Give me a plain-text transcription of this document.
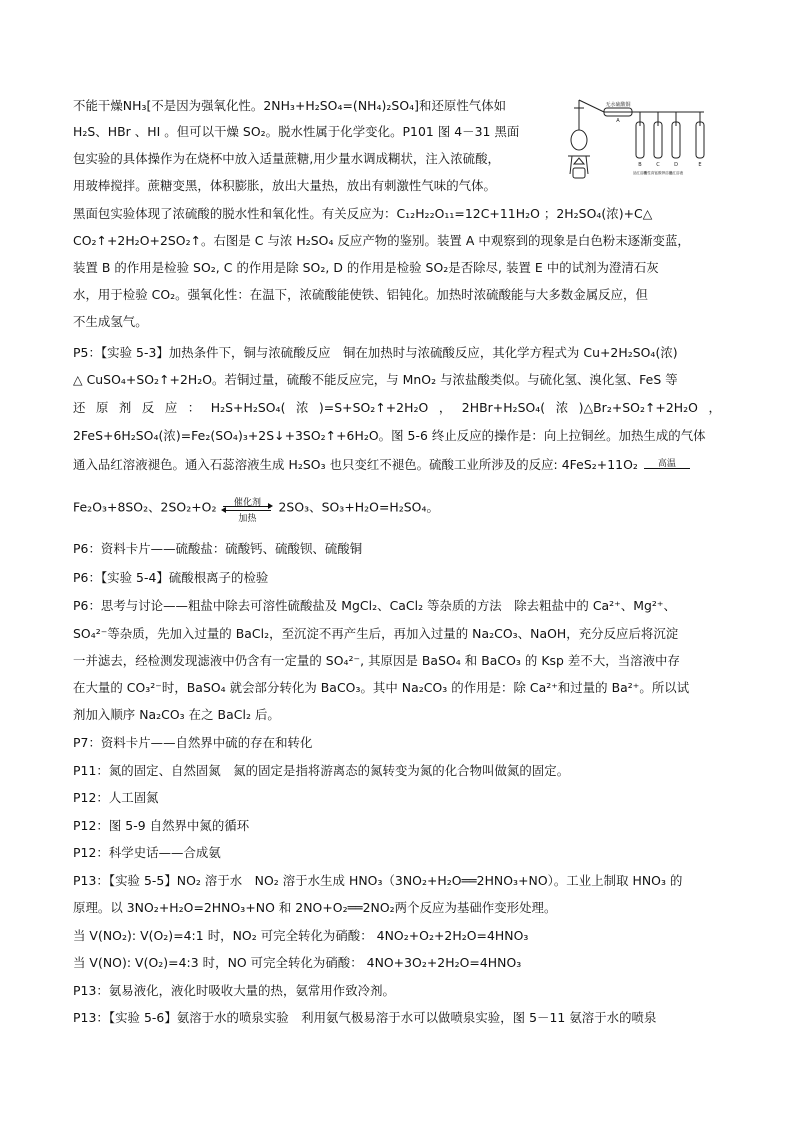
不能干燥NH₃[不是因为强氧化性。2NH₃+H₂SO₄=(NH₄)₂SO₄]和还原性气体如
H₂S、HBr 、HI 。但可以干燥 SO₂。脱水性属于化学变化。P101 图 4－31 黑面
包实验的具体操作为在烧杯中放入适量蔗糖,用少量水调成糊状，注入浓硫酸，
用玻棒搅拌。蔗糖变黑，体积膨胀，放出大量热，放出有刺激性气味的气体。
黑面包实验体现了浓硫酸的脱水性和氧化性。有关反应为：C₁₂H₂₂O₁₁=12C+11H₂O ；2H₂SO₄(浓)+C△
CO₂↑+2H₂O+2SO₂↑。右图是 C 与浓 H₂SO₄ 反应产物的鉴别。装置 A 中观察到的现象是白色粉末逐渐变蓝，
装置 B 的作用是检验 SO₂, C 的作用是除 SO₂, D 的作用是检验 SO₂是否除尽, 装置 E 中的试剂为澄清石灰
水，用于检验 CO₂。强氧化性：在温下，浓硫酸能使铁、铝钝化。加热时浓硫酸能与大多数金属反应，但
不生成氢气。
P5：【实验 5-3】加热条件下，铜与浓硫酸反应　铜在加热时与浓硫酸反应，其化学方程式为 Cu+2H₂SO₄(浓)
△ CuSO₄+SO₂↑+2H₂O。若铜过量，硫酸不能反应完，与 MnO₂ 与浓盐酸类似。与硫化氢、溴化氢、FeS 等
还 原 剂 反 应 ： H₂S+H₂SO₄( 浓 )=S+SO₂↑+2H₂O ， 2HBr+H₂SO₄( 浓 )△Br₂+SO₂↑+2H₂O ，
2FeS+6H₂SO₄(浓)=Fe₂(SO₄)₃+2S↓+3SO₂↑+6H₂O。图 5-6 终止反应的操作是：向上拉铜丝。加热生成的气体
通入品红溶液褪色。通入石蕊溶液生成 H₂SO₃ 也只变红不褪色。硫酸工业所涉及的反应: 4FeS₂+11O₂	高温
Fe₂O₃+8SO₂、2SO₂+O₂	催化剂
加热
2SO₃、SO₃+H₂O=H₂SO₄。
P6：资料卡片——硫酸盐：硫酸钙、硫酸钡、硫酸铜
P6：【实验 5-4】硫酸根离子的检验
P6：思考与讨论——粗盐中除去可溶性硫酸盐及 MgCl₂、CaCl₂ 等杂质的方法　除去粗盐中的 Ca²⁺、Mg²⁺、
SO₄²⁻等杂质，先加入过量的 BaCl₂，至沉淀不再产生后，再加入过量的 Na₂CO₃、NaOH，充分反应后将沉淀
一并滤去，经检测发现滤液中仍含有一定量的 SO₄²⁻, 其原因是 BaSO₄ 和 BaCO₃ 的 Ksp 差不大，当溶液中存
在大量的 CO₃²⁻时，BaSO₄ 就会部分转化为 BaCO₃。其中 Na₂CO₃ 的作用是：除 Ca²⁺和过量的 Ba²⁺。所以试
剂加入顺序 Na₂CO₃ 在之 BaCl₂ 后。
P7：资料卡片——自然界中硫的存在和转化
P11：氮的固定、自然固氮　氮的固定是指将游离态的氮转变为氮的化合物叫做氮的固定。
P12：人工固氮
P12：图 5-9 自然界中氮的循环
P12：科学史话——合成氨
P13：【实验 5-5】NO₂ 溶于水　NO₂ 溶于水生成 HNO₃（3NO₂+H₂O══2HNO₃+NO）。工业上制取 HNO₃ 的
原理。以 3NO₂+H₂O=2HNO₃+NO 和 2NO+O₂══2NO₂两个反应为基础作变形处理。
当 V(NO₂): V(O₂)=4:1 时，NO₂ 可完全转化为硝酸： 4NO₂+O₂+2H₂O=4HNO₃
当 V(NO): V(O₂)=4:3 时，NO 可完全转化为硝酸： 4NO+3O₂+2H₂O=4HNO₃
P13：氨易液化，液化时吸收大量的热，氨常用作致冷剂。
P13：【实验 5-6】氨溶于水的喷泉实验　利用氨气极易溶于水可以做喷泉实验，图 5－11 氨溶于水的喷泉
无水硫酸铜
A
B	C	D	E
品红溶液
酸性高锰酸钾溶液
品红溶液
